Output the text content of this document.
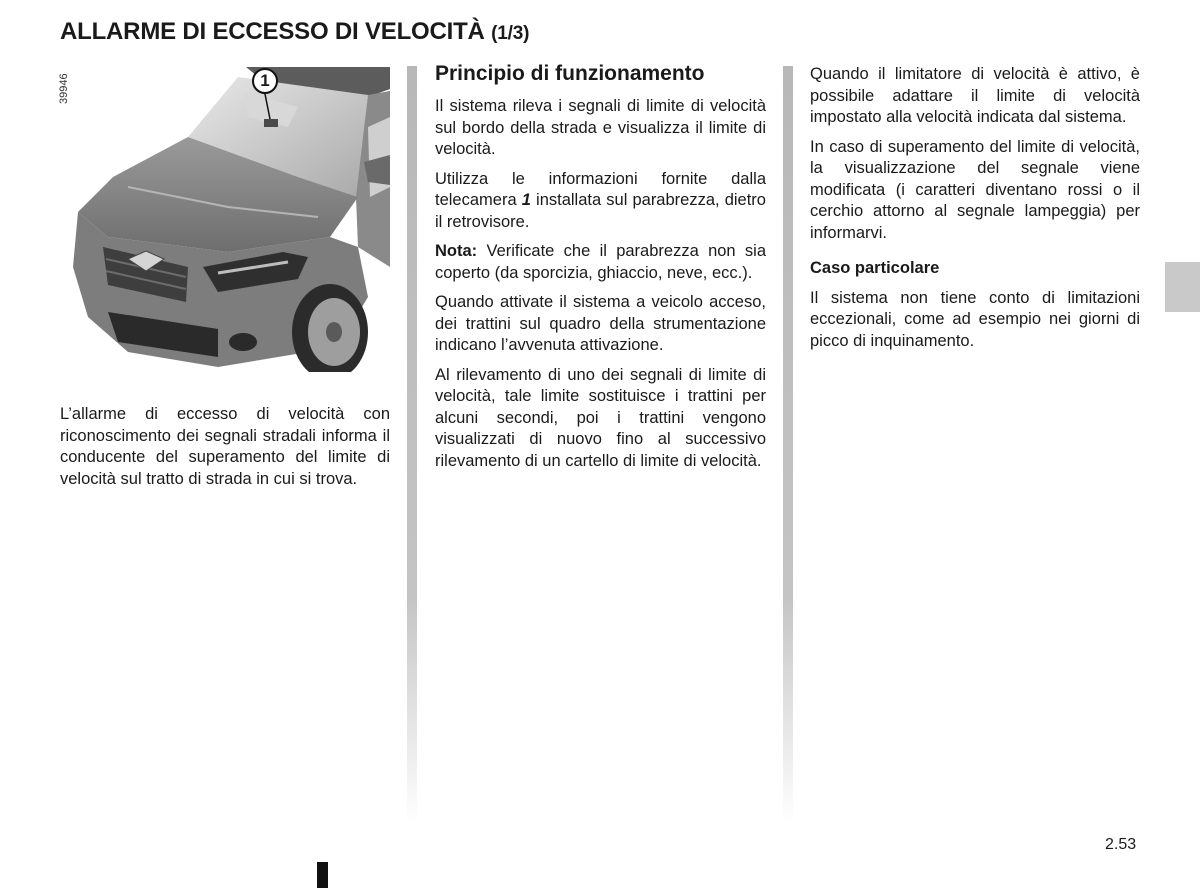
ALLARME DI ECCESSO DI VELOCITÀ (1/3)
39946	1
L’allarme di eccesso di velocità con riconoscimento dei segnali stradali informa il conducente del superamento del limite di velocità sul tratto di strada in cui si trova.
Principio di funzionamento

Il sistema rileva i segnali di limite di velocità sul bordo della strada e visualizza il limite di velocità.

Utilizza le informazioni fornite dalla telecamera 1 installata sul parabrezza, dietro il retrovisore.

Nota: Verificate che il parabrezza non sia coperto (da sporcizia, ghiaccio, neve, ecc.).

Quando attivate il sistema a veicolo acceso, dei trattini sul quadro della strumentazione indicano l’avvenuta attivazione.

Al rilevamento di uno dei segnali di limite di velocità, tale limite sostituisce i trattini per alcuni secondi, poi i trattini vengono visualizzati di nuovo fino al successivo rilevamento di un cartello di limite di velocità.

Quando il limitatore di velocità è attivo, è possibile adattare il limite di velocità impostato alla velocità indicata dal sistema.

In caso di superamento del limite di velocità, la visualizzazione del segnale viene modificata (i caratteri diventano rossi o il cerchio attorno al segnale lampeggia) per informarvi.

Caso particolare

Il sistema non tiene conto di limitazioni eccezionali, come ad esempio nei giorni di picco di inquinamento.

2.53
